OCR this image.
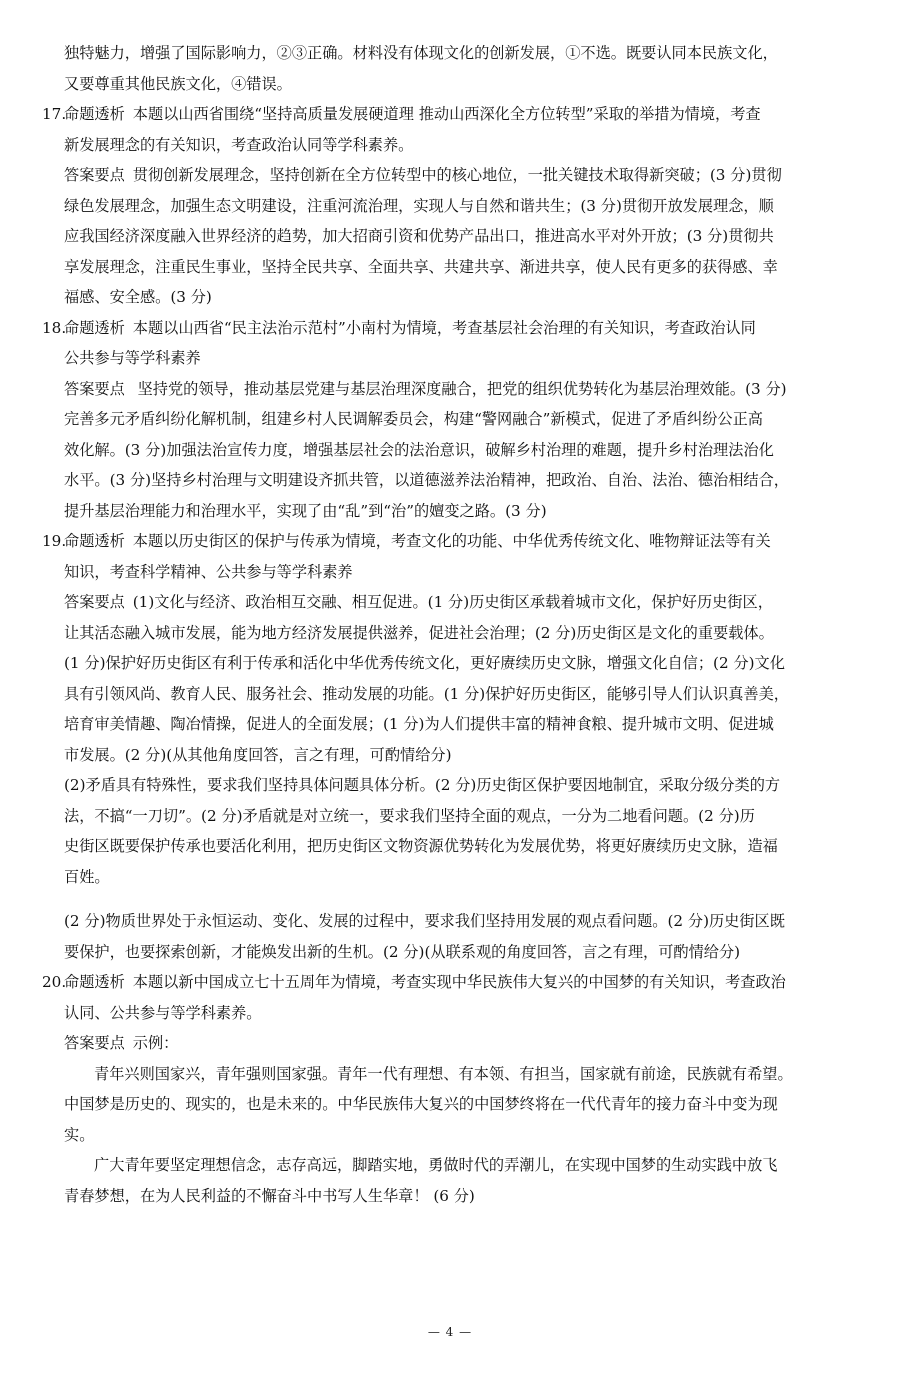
独特魅力，增强了国际影响力，②③正确。材料没有体现文化的创新发展，①不选。既要认同本民族文化，
又要尊重其他民族文化，④错误。
17.命题透析 本题以山西省围绕“坚持高质量发展硬道理 推动山西深化全方位转型”采取的举措为情境，考查
新发展理念的有关知识，考查政治认同等学科素养。
答案要点 贯彻创新发展理念，坚持创新在全方位转型中的核心地位，一批关键技术取得新突破；(3 分)贯彻
绿色发展理念，加强生态文明建设，注重河流治理，实现人与自然和谐共生；(3 分)贯彻开放发展理念，顺
应我国经济深度融入世界经济的趋势，加大招商引资和优势产品出口，推进高水平对外开放；(3 分)贯彻共
享发展理念，注重民生事业，坚持全民共享、全面共享、共建共享、渐进共享，使人民有更多的获得感、幸
福感、安全感。(3 分)
18.命题透析 本题以山西省“民主法治示范村”小南村为情境，考查基层社会治理的有关知识，考查政治认同
公共参与等学科素养
答案要点 坚持党的领导，推动基层党建与基层治理深度融合，把党的组织优势转化为基层治理效能。(3 分)
完善多元矛盾纠纷化解机制，组建乡村人民调解委员会，构建“警网融合”新模式，促进了矛盾纠纷公正高
效化解。(3 分)加强法治宣传力度，增强基层社会的法治意识，破解乡村治理的难题，提升乡村治理法治化
水平。(3 分)坚持乡村治理与文明建设齐抓共管，以道德滋养法治精神，把政治、自治、法治、德治相结合，
提升基层治理能力和治理水平，实现了由“乱”到“治”的嬗变之路。(3 分)
19.命题透析 本题以历史街区的保护与传承为情境，考查文化的功能、中华优秀传统文化、唯物辩证法等有关
知识，考查科学精神、公共参与等学科素养
答案要点 (1)文化与经济、政治相互交融、相互促进。(1 分)历史街区承载着城市文化，保护好历史街区，
让其活态融入城市发展，能为地方经济发展提供滋养，促进社会治理；(2 分)历史街区是文化的重要载体。
(1 分)保护好历史街区有利于传承和活化中华优秀传统文化，更好赓续历史文脉，增强文化自信；(2 分)文化
具有引领风尚、教育人民、服务社会、推动发展的功能。(1 分)保护好历史街区，能够引导人们认识真善美，
培育审美情趣、陶冶情操，促进人的全面发展；(1 分)为人们提供丰富的精神食粮、提升城市文明、促进城
市发展。(2 分)(从其他角度回答，言之有理，可酌情给分)
(2)矛盾具有特殊性，要求我们坚持具体问题具体分析。(2 分)历史街区保护要因地制宜，采取分级分类的方
法，不搞“一刀切”。(2 分)矛盾就是对立统一，要求我们坚持全面的观点，一分为二地看问题。(2 分)历
史街区既要保护传承也要活化利用，把历史街区文物资源优势转化为发展优势，将更好赓续历史文脉，造福
百姓。
(2 分)物质世界处于永恒运动、变化、发展的过程中，要求我们坚持用发展的观点看问题。(2 分)历史街区既
要保护，也要探索创新，才能焕发出新的生机。(2 分)(从联系观的角度回答，言之有理，可酌情给分)
20.命题透析 本题以新中国成立七十五周年为情境，考查实现中华民族伟大复兴的中国梦的有关知识，考查政治
认同、公共参与等学科素养。
答案要点 示例：
青年兴则国家兴，青年强则国家强。青年一代有理想、有本领、有担当，国家就有前途，民族就有希望。
中国梦是历史的、现实的，也是未来的。中华民族伟大复兴的中国梦终将在一代代青年的接力奋斗中变为现
实。
广大青年要坚定理想信念，志存高远，脚踏实地，勇做时代的弄潮儿，在实现中国梦的生动实践中放飞
青春梦想，在为人民利益的不懈奋斗中书写人生华章！ (6 分)
— 4 —
